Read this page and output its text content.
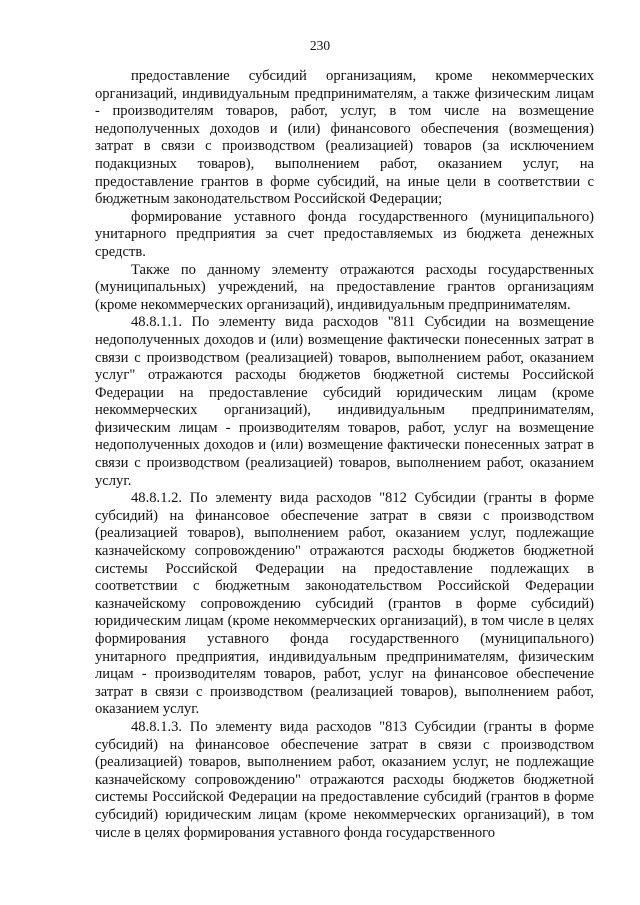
230

предоставление субсидий организациям, кроме некоммерческих организаций, индивидуальным предпринимателям, а также физическим лицам - производителям товаров, работ, услуг, в том числе на возмещение недополученных доходов и (или) финансового обеспечения (возмещения) затрат в связи с производством (реализацией) товаров (за исключением подакцизных товаров), выполнением работ, оказанием услуг, на предоставление грантов в форме субсидий, на иные цели в соответствии с бюджетным законодательством Российской Федерации;

формирование уставного фонда государственного (муниципального) унитарного предприятия за счет предоставляемых из бюджета денежных средств.

Также по данному элементу отражаются расходы государственных (муниципальных) учреждений, на предоставление грантов организациям (кроме некоммерческих организаций), индивидуальным предпринимателям.

48.8.1.1. По элементу вида расходов "811 Субсидии на возмещение недополученных доходов и (или) возмещение фактически понесенных затрат в связи с производством (реализацией) товаров, выполнением работ, оказанием услуг" отражаются расходы бюджетов бюджетной системы Российской Федерации на предоставление субсидий юридическим лицам (кроме некоммерческих организаций), индивидуальным предпринимателям, физическим лицам - производителям товаров, работ, услуг на возмещение недополученных доходов и (или) возмещение фактически понесенных затрат в связи с производством (реализацией) товаров, выполнением работ, оказанием услуг.

48.8.1.2. По элементу вида расходов "812 Субсидии (гранты в форме субсидий) на финансовое обеспечение затрат в связи с производством (реализацией товаров), выполнением работ, оказанием услуг, подлежащие казначейскому сопровождению" отражаются расходы бюджетов бюджетной системы Российской Федерации на предоставление подлежащих в соответствии с бюджетным законодательством Российской Федерации казначейскому сопровождению субсидий (грантов в форме субсидий) юридическим лицам (кроме некоммерческих организаций), в том числе в целях формирования уставного фонда государственного (муниципального) унитарного предприятия, индивидуальным предпринимателям, физическим лицам - производителям товаров, работ, услуг на финансовое обеспечение затрат в связи с производством (реализацией товаров), выполнением работ, оказанием услуг.

48.8.1.3. По элементу вида расходов "813 Субсидии (гранты в форме субсидий) на финансовое обеспечение затрат в связи с производством (реализацией) товаров, выполнением работ, оказанием услуг, не подлежащие казначейскому сопровождению" отражаются расходы бюджетов бюджетной системы Российской Федерации на предоставление субсидий (грантов в форме субсидий) юридическим лицам (кроме некоммерческих организаций), в том числе в целях формирования уставного фонда государственного
